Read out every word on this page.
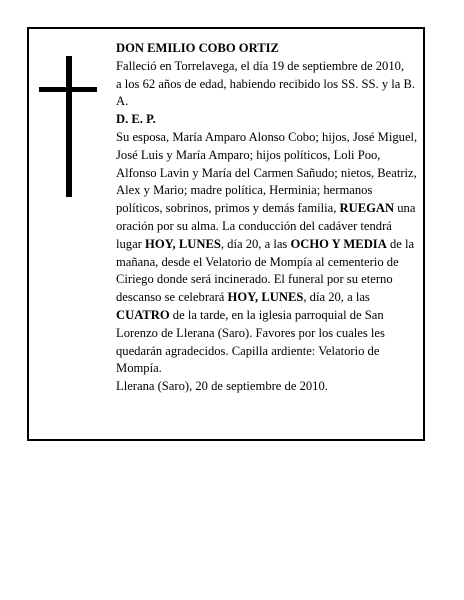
DON EMILIO COBO ORTIZ

Falleció en Torrelavega, el día 19 de septiembre de 2010,

a los 62 años de edad, habiendo recibido los SS. SS. y la B. A.

D. E. P.

Su esposa, María Amparo Alonso Cobo; hijos, José Miguel, José Luis y María Amparo; hijos políticos, Loli Poo, Alfonso Lavin y María del Carmen Sañudo; nietos, Beatriz, Alex y Mario; madre política, Herminia; hermanos políticos, sobrinos, primos y demás familia, RUEGAN una oración por su alma. La conducción del cadáver tendrá lugar HOY, LUNES, día 20, a las OCHO Y MEDIA de la mañana, desde el Velatorio de Mompía al cementerio de Ciriego donde será incinerado. El funeral por su eterno descanso se celebrará HOY, LUNES, día 20, a las CUATRO de la tarde, en la iglesia parroquial de San Lorenzo de Llerana (Saro). Favores por los cuales les quedarán agradecidos. Capilla ardiente: Velatorio de Mompía.

Llerana (Saro), 20 de septiembre de 2010.
